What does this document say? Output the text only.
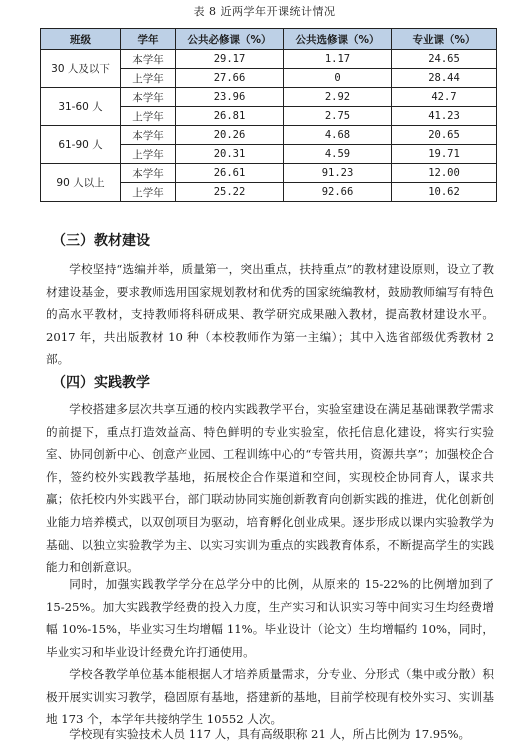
表 8 近两学年开课统计情况
班级	学年	公共必修课（%）	公共选修课（%）	专业课（%）
30 人及以下	本学年	29.17	1.17	24.65
	上学年	27.66	0	28.44
31-60 人	本学年	23.96	2.92	42.7
	上学年	26.81	2.75	41.23
61-90 人	本学年	20.26	4.68	20.65
	上学年	20.31	4.59	19.71
90 人以上	本学年	26.61	91.23	12.00
	上学年	25.22	92.66	10.62
（三）教材建设

学校坚持“选编并举，质量第一，突出重点，扶持重点”的教材建设原则，设立了教材建设基金，要求教师选用国家规划教材和优秀的国家统编教材，鼓励教师编写有特色的高水平教材，支持教师将科研成果、教学研究成果融入教材，提高教材建设水平。2017 年，共出版教材 10 种（本校教师作为第一主编）；其中入选省部级优秀教材 2 部。

（四）实践教学

学校搭建多层次共享互通的校内实践教学平台，实验室建设在满足基础课教学需求的前提下，重点打造效益高、特色鲜明的专业实验室，依托信息化建设，将实行实验室、协同创新中心、创意产业园、工程训练中心的“专管共用，资源共享”；加强校企合作，签约校外实践教学基地，拓展校企合作渠道和空间，实现校企协同育人，谋求共赢；依托校内外实践平台，部门联动协同实施创新教育向创新实践的推进，优化创新创业能力培养模式，以双创项目为驱动，培育孵化创业成果。逐步形成以课内实验教学为基础、以独立实验教学为主、以实习实训为重点的实践教育体系，不断提高学生的实践能力和创新意识。

同时，加强实践教学学分在总学分中的比例，从原来的 15-22%的比例增加到了 15-25%。加大实践教学经费的投入力度，生产实习和认识实习等中间实习生均经费增幅 10%-15%，毕业实习生均增幅 11%。毕业设计（论文）生均增幅约 10%，同时，毕业实习和毕业设计经费允许打通使用。

学校各教学单位基本能根据人才培养质量需求，分专业、分形式（集中或分散）积极开展实训实习教学，稳固原有基地，搭建新的基地，目前学校现有校外实习、实训基地 173 个，本学年共接纳学生 10552 人次。

学校现有实验技术人员 117 人，具有高级职称 21 人，所占比例为 17.95%。
